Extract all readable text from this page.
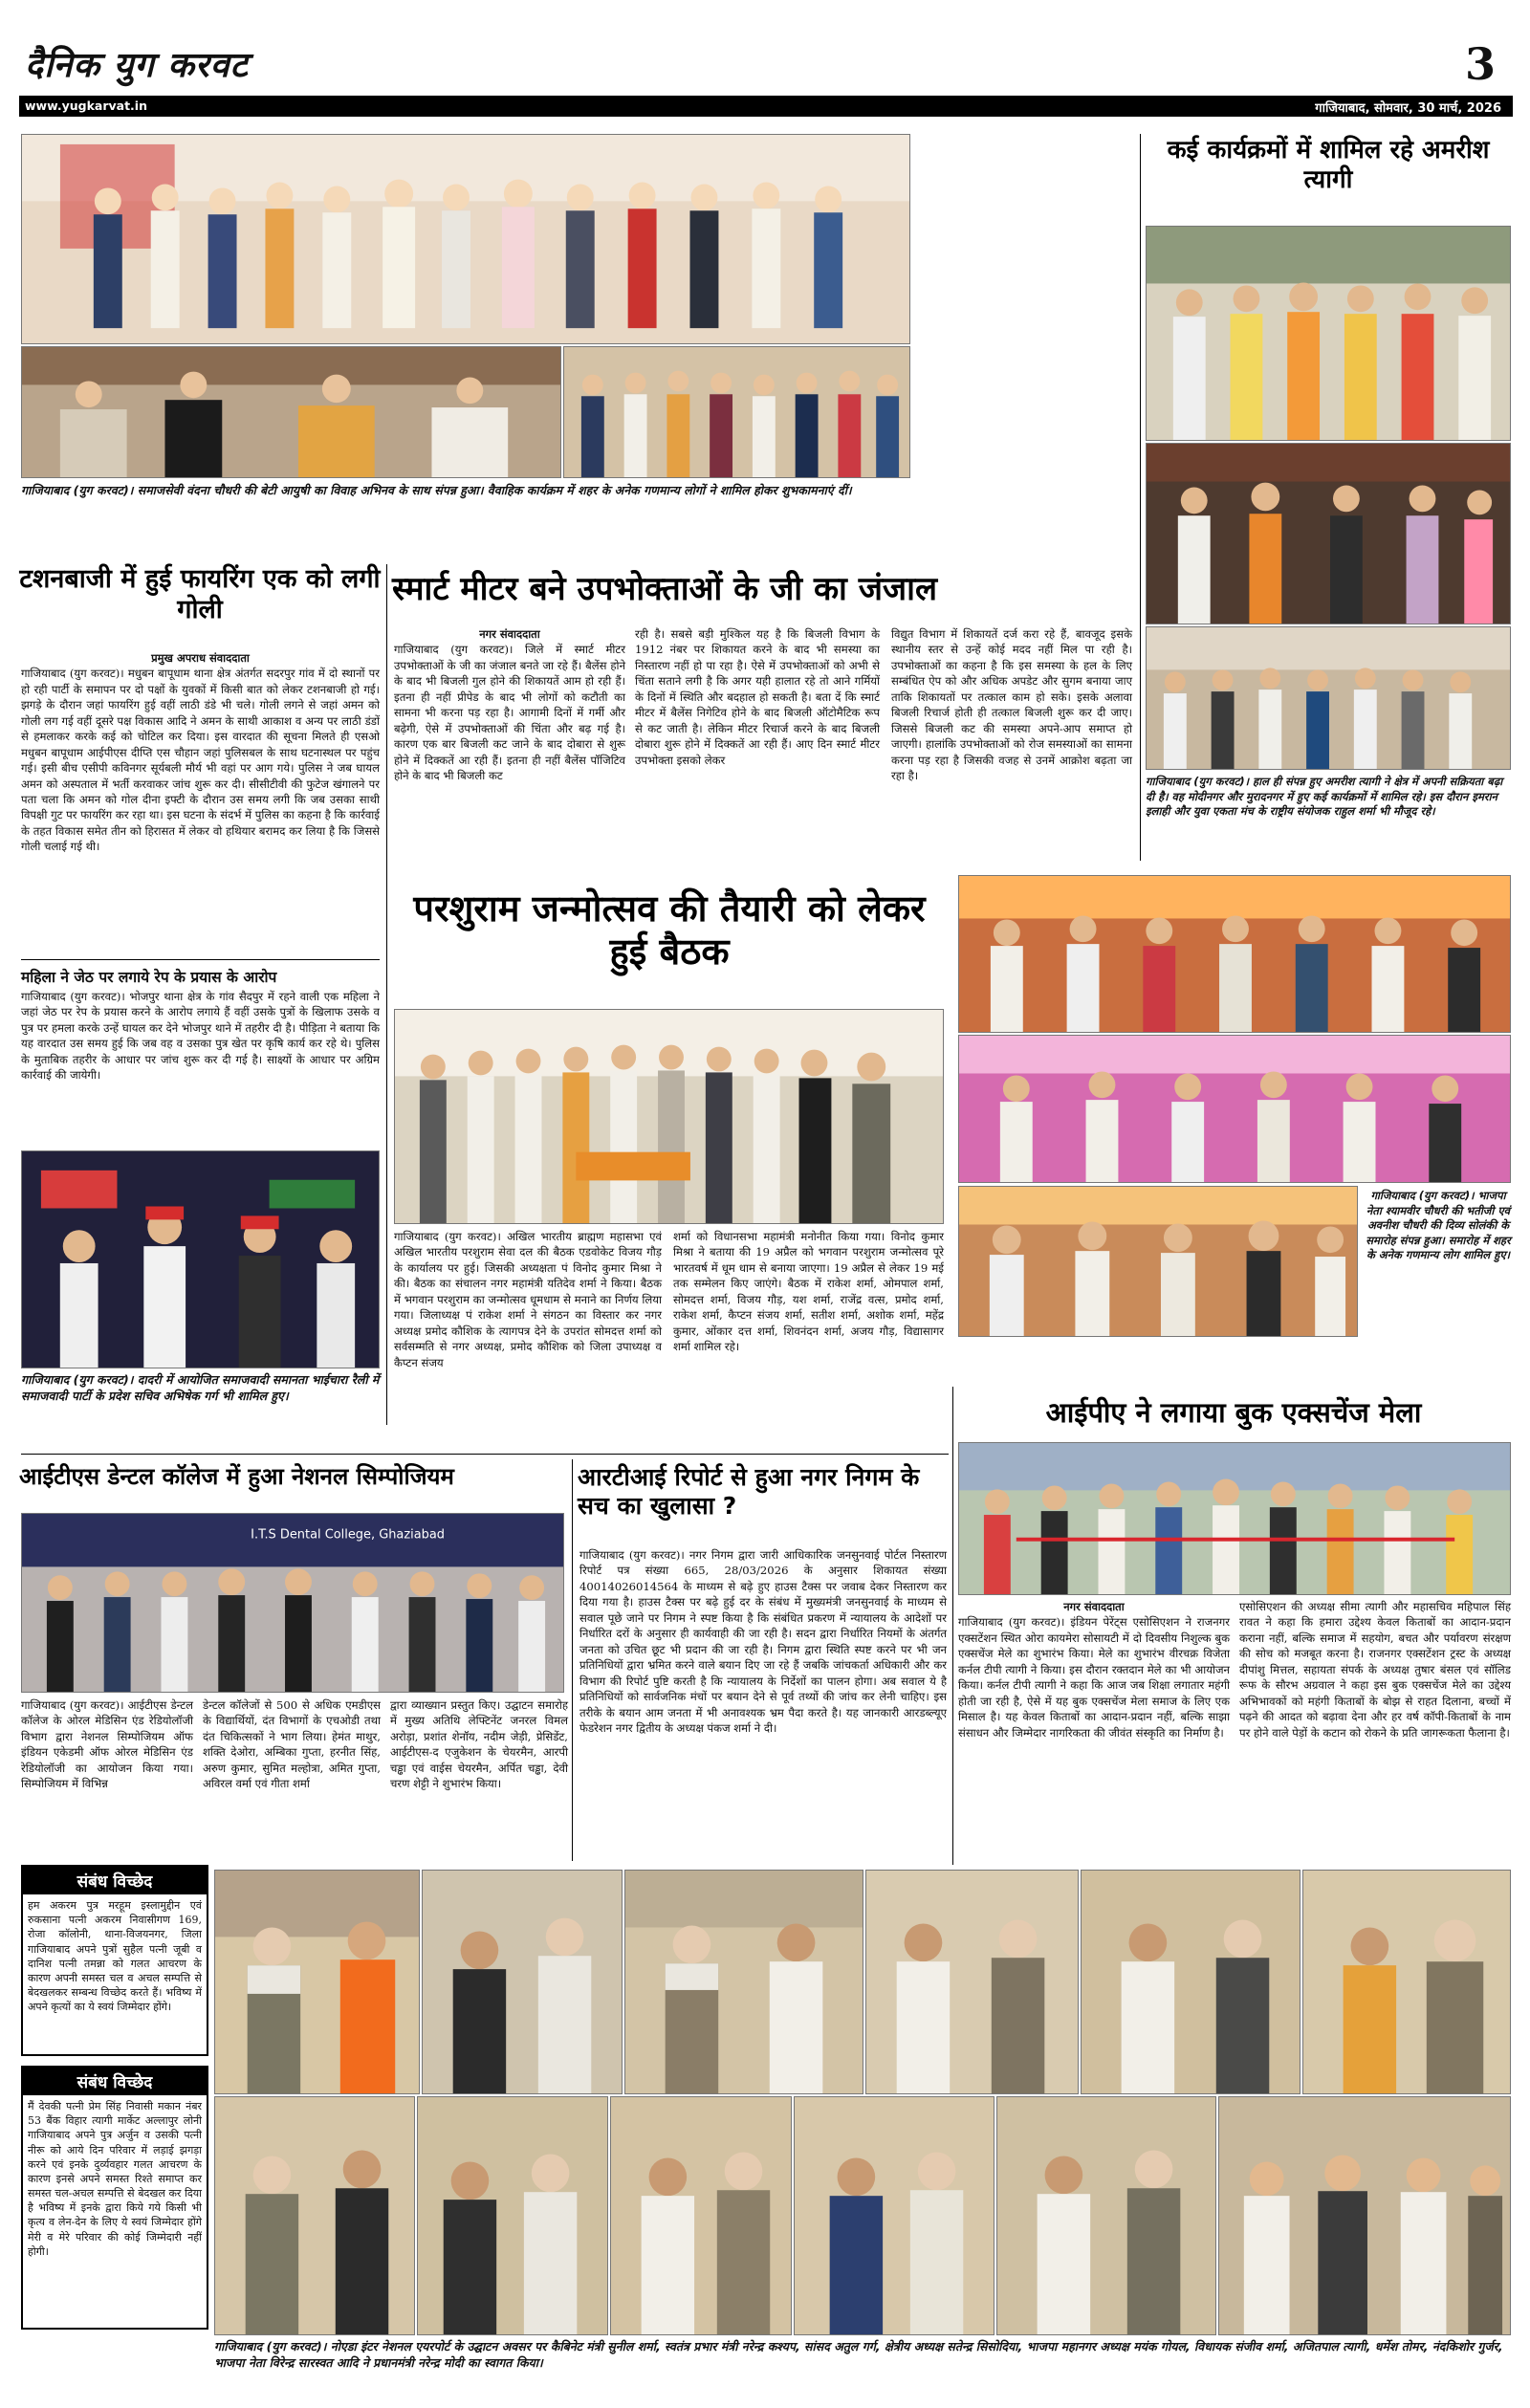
दैनिक युग करवट	3
www.yugkarvat.in	गाजियाबाद, सोमवार, 30 मार्च, 2026
गाजियाबाद (युग करवट)। समाजसेवी वंदना चौधरी की बेटी आयुषी का विवाह अभिनव के साथ संपन्न हुआ। वैवाहिक कार्यक्रम में शहर के अनेक गणमान्य लोगों ने शामिल होकर शुभकामनाएं दीं।
कई कार्यक्रमों में शामिल रहे अमरीश त्यागी
गाजियाबाद (युग करवट)। हाल ही संपन्न हुए अमरीश त्यागी ने क्षेत्र में अपनी सक्रियता बढ़ा दी है। वह मोदीनगर और मुरादनगर में हुए कई कार्यक्रमों में शामिल रहे। इस दौरान इमरान इलाही और युवा एकता मंच के राष्ट्रीय संयोजक राहुल शर्मा भी मौजूद रहे।
टशनबाजी में हुई फायरिंग एक को लगी गोली
प्रमुख अपराध संवाददाता
गाजियाबाद (युग करवट)। मधुबन बापूधाम थाना क्षेत्र अंतर्गत सदरपुर गांव में दो स्थानों पर हो रही पार्टी के समापन पर दो पक्षों के युवकों में किसी बात को लेकर टशनबाजी हो गई। झगड़े के दौरान जहां फायरिंग हुई वहीं लाठी डंडे भी चले। गोली लगने से जहां अमन को गोली लग गई वहीं दूसरे पक्ष विकास आदि ने अमन के साथी आकाश व अन्य पर लाठी डंडों से हमलाकर करके कई को चोटिल कर दिया। इस वारदात की सूचना मिलते ही एसओ मधुबन बापूधाम आईपीएस दीप्ति एस चौहान जहां पुलिसबल के साथ घटनास्थल पर पहुंच गई। इसी बीच एसीपी कविनगर सूर्यबली मौर्य भी वहां पर आग गये। पुलिस ने जब घायल अमन को अस्पताल में भर्ती करवाकर जांच शुरू कर दी। सीसीटीवी की फुटेज खंगालने पर पता चला कि अमन को गोल दीना इफ्टी के दौरान उस समय लगी कि जब उसका साथी विपक्षी गुट पर फायरिंग कर रहा था। इस घटना के संदर्भ में पुलिस का कहना है कि कार्रवाई के तहत विकास समेत तीन को हिरासत में लेकर वो हथियार बरामद कर लिया है कि जिससे गोली चलाई गई थी।
महिला ने जेठ पर लगाये रेप के प्रयास के आरोप
गाजियाबाद (युग करवट)। भोजपुर थाना क्षेत्र के गांव सैदपुर में रहने वाली एक महिला ने जहां जेठ पर रेप के प्रयास करने के आरोप लगाये हैं वहीं उसके पुत्रों के खिलाफ उसके व पुत्र पर हमला करके उन्हें घायल कर देने भोजपुर थाने में तहरीर दी है। पीड़िता ने बताया कि यह वारदात उस समय हुई कि जब वह व उसका पुत्र खेत पर कृषि कार्य कर रहे थे। पुलिस के मुताबिक तहरीर के आधार पर जांच शुरू कर दी गई है। साक्ष्यों के आधार पर अग्रिम कार्रवाई की जायेगी।
गाजियाबाद (युग करवट)। दादरी में आयोजित समाजवादी समानता भाईचारा रैली में समाजवादी पार्टी के प्रदेश सचिव अभिषेक गर्ग भी शामिल हुए।
स्मार्ट मीटर बने उपभोक्ताओं के जी का जंजाल
नगर संवाददाता
गाजियाबाद (युग करवट)। जिले में स्मार्ट मीटर उपभोक्ताओं के जी का जंजाल बनते जा रहे हैं। बैलेंस होने के बाद भी बिजली गुल होने की शिकायतें आम हो रही हैं। इतना ही नहीं प्रीपेड के बाद भी लोगों को कटौती का सामना भी करना पड़ रहा है। आगामी दिनों में गर्मी और बढ़ेगी, ऐसे में उपभोक्ताओं की चिंता और बढ़ गई है। कारण एक बार बिजली कट जाने के बाद दोबारा से शुरू होने में दिक्कतें आ रही हैं। इतना ही नहीं बैलेंस पॉजिटिव होने के बाद भी बिजली कट
रही है। सबसे बड़ी मुश्किल यह है कि बिजली विभाग के 1912 नंबर पर शिकायत करने के बाद भी समस्या का निस्तारण नहीं हो पा रहा है। ऐसे में उपभोक्ताओं को अभी से चिंता सताने लगी है कि अगर यही हालात रहे तो आने गर्मियों के दिनों में स्थिति और बदहाल हो सकती है। बता दें कि स्मार्ट मीटर में बैलेंस निगेटिव होने के बाद बिजली ऑटोमैटिक रूप से कट जाती है। लेकिन मीटर रिचार्ज करने के बाद बिजली दोबारा शुरू होने में दिक्कतें आ रही हैं। आए दिन स्मार्ट मीटर उपभोक्ता इसको लेकर
विद्युत विभाग में शिकायतें दर्ज करा रहे हैं, बावजूद इसके स्थानीय स्तर से उन्हें कोई मदद नहीं मिल पा रही है। उपभोक्ताओं का कहना है कि इस समस्या के हल के लिए सम्बंधित ऐप को और अधिक अपडेट और सुगम बनाया जाए ताकि शिकायतों पर तत्काल काम हो सके। इसके अलावा बिजली रिचार्ज होती ही तत्काल बिजली शुरू कर दी जाए। जिससे बिजली कट की समस्या अपने-आप समाप्त हो जाएगी। हालांकि उपभोक्ताओं को रोज समस्याओं का सामना करना पड़ रहा है जिसकी वजह से उनमें आक्रोश बढ़ता जा रहा है।
परशुराम जन्मोत्सव की तैयारी को लेकर हुई बैठक
गाजियाबाद (युग करवट)। अखिल भारतीय ब्राह्मण महासभा एवं अखिल भारतीय परशुराम सेवा दल की बैठक एडवोकेट विजय गौड़ के कार्यालय पर हुई। जिसकी अध्यक्षता पं विनोद कुमार मिश्रा ने की। बैठक का संचालन नगर महामंत्री यतिदेव शर्मा ने किया। बैठक में भगवान परशुराम का जन्मोत्सव धूमधाम से मनाने का निर्णय लिया गया। जिलाध्यक्ष पं राकेश शर्मा ने संगठन का विस्तार कर नगर अध्यक्ष प्रमोद कौशिक के त्यागपत्र देने के उपरांत सोमदत्त शर्मा को सर्वसम्मति से नगर अध्यक्ष, प्रमोद कौशिक को जिला उपाध्यक्ष व कैप्टन संजय
शर्मा को विधानसभा महामंत्री मनोनीत किया गया। विनोद कुमार मिश्रा ने बताया की 19 अप्रैल को भगवान परशुराम जन्मोत्सव पूरे भारतवर्ष में धूम धाम से बनाया जाएगा। 19 अप्रैल से लेकर 19 मई तक सम्मेलन किए जाएंगे। बैठक में राकेश शर्मा, ओमपाल शर्मा, सोमदत्त शर्मा, विजय गौड़, यश शर्मा, राजेंद्र वत्स, प्रमोद शर्मा, राकेश शर्मा, कैप्टन संजय शर्मा, सतीश शर्मा, अशोक शर्मा, महेंद्र कुमार, ओंकार दत्त शर्मा, शिवनंदन शर्मा, अजय गौड़, विद्यासागर शर्मा शामिल रहे।
गाजियाबाद (युग करवट)। भाजपा नेता श्यामवीर चौधरी की भतीजी एवं अवनीश चौधरी की दिव्य सोलंकी के समारोह संपन्न हुआ। समारोह में शहर के अनेक गणमान्य लोग शामिल हुए।
आईपीए ने लगाया बुक एक्सचेंज मेला
नगर संवाददाता
गाजियाबाद (युग करवट)। इंडियन पेरेंट्स एसोसिएशन ने राजनगर एक्सटेंशन स्थित ओरा कायमेरा सोसायटी में दो दिवसीय निशुल्क बुक एक्सचेंज मेले का शुभारंभ किया। मेले का शुभारंभ वीरचक्र विजेता कर्नल टीपी त्यागी ने किया। इस दौरान रक्तदान मेले का भी आयोजन किया। कर्नल टीपी त्यागी ने कहा कि आज जब शिक्षा लगातार महंगी होती जा रही है, ऐसे में यह बुक एक्सचेंज मेला समाज के लिए एक मिसाल है। यह केवल किताबों का आदान-प्रदान नहीं, बल्कि साझा संसाधन और जिम्मेदार नागरिकता की जीवंत संस्कृति का निर्माण है।
एसोसिएशन की अध्यक्ष सीमा त्यागी और महासचिव महिपाल सिंह रावत ने कहा कि हमारा उद्देश्य केवल किताबों का आदान-प्रदान कराना नहीं, बल्कि समाज में सहयोग, बचत और पर्यावरण संरक्षण की सोच को मजबूत करना है। राजनगर एक्सटेंशन ट्रस्ट के अध्यक्ष दीपांशु मित्तल, सहायता संपर्क के अध्यक्ष तुषार बंसल एवं सॉलिड रूफ के सौरभ अग्रवाल ने कहा इस बुक एक्सचेंज मेले का उद्देश्य अभिभावकों को महंगी किताबों के बोझ से राहत दिलाना, बच्चों में पढ़ने की आदत को बढ़ावा देना और हर वर्ष कॉपी-किताबों के नाम पर होने वाले पेड़ों के कटान को रोकने के प्रति जागरूकता फैलाना है।
आईटीएस डेन्टल कॉलेज में हुआ नेशनल सिम्पोजियम
I.T.S Dental College, Ghaziabad
गाजियाबाद (युग करवट)। आईटीएस डेन्टल कॉलेज के ओरल मेडिसिन एंड रेडियोलॉजी विभाग द्वारा नेशनल सिम्पोजियम ऑफ इंडियन एकेडमी ऑफ ओरल मेडिसिन एंड रेडियोलॉजी का आयोजन किया गया। सिम्पोजियम में विभिन्न
डेन्टल कॉलेजों से 500 से अधिक एमडीएस के विद्यार्थियों, दंत विभागों के एचओडी तथा दंत चिकित्सकों ने भाग लिया। हेमंत माथुर, शक्ति देओरा, अम्बिका गुप्ता, हरनीत सिंह, अरुण कुमार, सुमित मल्होत्रा, अमित गुप्ता, अविरल वर्मा एवं गीता शर्मा
द्वारा व्याख्यान प्रस्तुत किए। उद्घाटन समारोह में मुख्य अतिथि लेफ्टिनेंट जनरल विमल अरोड़ा, प्रशांत शेनॉय, नदीम जेड़ी, प्रेसिडेंट, आईटीएस-द एजुकेशन के चेयरमैन, आरपी चड्ढा एवं वाईस चेयरमैन, अर्पित चड्ढा, देवी चरण शेट्टी ने शुभारंभ किया।
आरटीआई रिपोर्ट से हुआ नगर निगम के सच का खुलासा ?
गाजियाबाद (युग करवट)। नगर निगम द्वारा जारी आधिकारिक जनसुनवाई पोर्टल निस्तारण रिपोर्ट पत्र संख्या 665, 28/03/2026 के अनुसार शिकायत संख्या 40014026014564 के माध्यम से बढ़े हुए हाउस टैक्स पर जवाब देकर निस्तारण कर दिया गया है। हाउस टैक्स पर बढ़े हुई दर के संबंध में मुख्यमंत्री जनसुनवाई के माध्यम से सवाल पूछे जाने पर निगम ने स्पष्ट किया है कि संबंधित प्रकरण में न्यायालय के आदेशों पर निर्धारित दरों के अनुसार ही कार्यवाही की जा रही है। सदन द्वारा निर्धारित नियमों के अंतर्गत जनता को उचित छूट भी प्रदान की जा रही है। निगम द्वारा स्थिति स्पष्ट करने पर भी जन प्रतिनिधियों द्वारा भ्रमित करने वाले बयान दिए जा रहे हैं जबकि जांचकर्ता अधिकारी और कर विभाग की रिपोर्ट पुष्टि करती है कि न्यायालय के निर्देशों का पालन होगा। अब सवाल ये है प्रतिनिधियों को सार्वजनिक मंचों पर बयान देने से पूर्व तथ्यों की जांच कर लेनी चाहिए। इस तरीके के बयान आम जनता में भी अनावश्यक भ्रम पैदा करते है। यह जानकारी आरडब्ल्यूए फेडरेशन नगर द्वितीय के अध्यक्ष पंकज शर्मा ने दी।
संबंध विच्छेद
हम अकरम पुत्र मरहूम इस्लामुद्दीन एवं रुकसाना पत्नी अकरम निवासीगण 169, रोजा कॉलोनी, थाना-विजयनगर, जिला गाजियाबाद अपने पुत्रों सुहैल पत्नी जूबी व दानिश पत्नी तमन्ना को गलत आचरण के कारण अपनी समस्त चल व अचल सम्पत्ति से बेदखलकर सम्बन्ध विच्छेद करते हैं। भविष्य में अपने कृत्यों का ये स्वयं जिम्मेदार होंगे।
संबंध विच्छेद
मैं देवकी पत्नी प्रेम सिंह निवासी मकान नंबर 53 बैंक विहार त्यागी मार्केट अल्लापुर लोनी गाजियाबाद अपने पुत्र अर्जुन व उसकी पत्नी नीरू को आये दिन परिवार में लड़ाई झगड़ा करने एवं इनके दुर्व्यवहार गलत आचरण के कारण इनसे अपने समस्त रिश्ते समाप्त कर समस्त चल-अचल सम्पत्ति से बेदखल कर दिया है भविष्य में इनके द्वारा किये गये किसी भी कृत्य व लेन-देन के लिए ये स्वयं जिम्मेदार होंगे मेरी व मेरे परिवार की कोई जिम्मेदारी नहीं होगी।
गाजियाबाद (युग करवट)। नोएडा इंटर नेशनल एयरपोर्ट के उद्घाटन अवसर पर कैबिनेट मंत्री सुनील शर्मा, स्वतंत्र प्रभार मंत्री नरेन्द्र कश्यप, सांसद अतुल गर्ग, क्षेत्रीय अध्यक्ष सतेन्द्र सिसोदिया, भाजपा महानगर अध्यक्ष मयंक गोयल, विधायक संजीव शर्मा, अजितपाल त्यागी, धर्मेश तोमर, नंदकिशोर गुर्जर, भाजपा नेता विरेन्द्र सारस्वत आदि ने प्रधानमंत्री नरेन्द्र मोदी का स्वागत किया।
